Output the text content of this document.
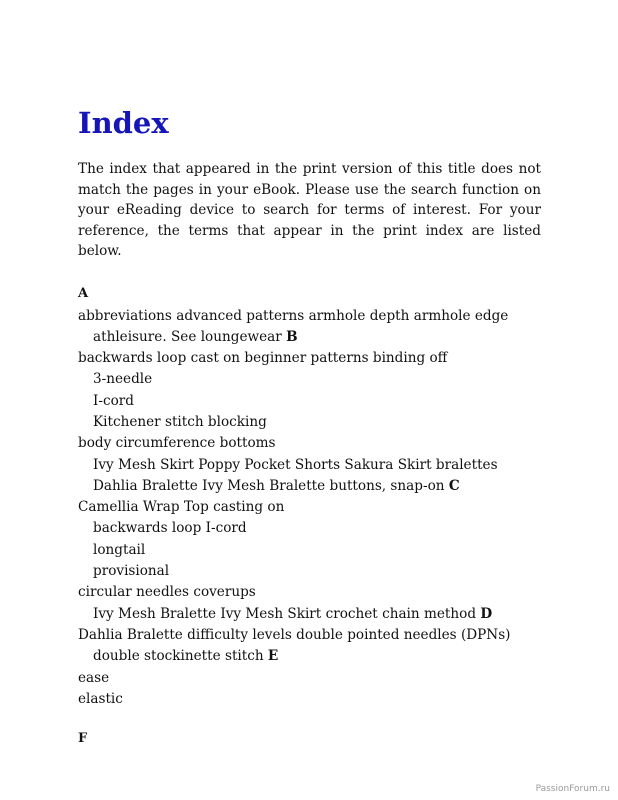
Index
The index that appeared in the print version of this title does not match the pages in your eBook. Please use the search function on your eReading device to search for terms of interest. For your reference, the terms that appear in the print index are listed below.
A
abbreviations advanced patterns armhole depth armhole edge
athleisure. See loungewear B
backwards loop cast on beginner patterns binding off
3-needle
I-cord
Kitchener stitch blocking
body circumference bottoms
Ivy Mesh Skirt Poppy Pocket Shorts Sakura Skirt bralettes
Dahlia Bralette Ivy Mesh Bralette buttons, snap-on C
Camellia Wrap Top casting on
backwards loop I-cord
longtail
provisional
circular needles coverups
Ivy Mesh Bralette Ivy Mesh Skirt crochet chain method D
Dahlia Bralette difficulty levels double pointed needles (DPNs)
double stockinette stitch E
ease
elastic
F
PassionForum.ru
